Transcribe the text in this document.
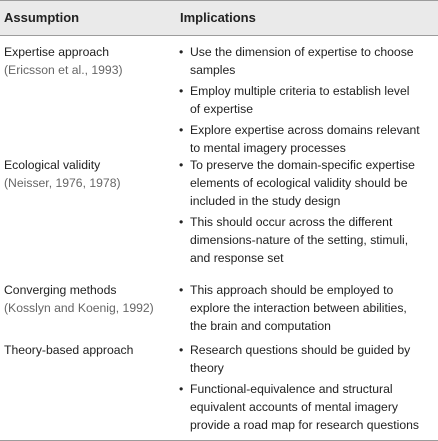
Assumption	Implications
Expertise approach
(Ericsson et al., 1993)
• Use the dimension of expertise to choose
samples
• Employ multiple criteria to establish level
of expertise
• Explore expertise across domains relevant
to mental imagery processes
Ecological validity
(Neisser, 1976, 1978)
• To preserve the domain-specific expertise
elements of ecological validity should be
included in the study design
• This should occur across the different
dimensions-nature of the setting, stimuli,
and response set
Converging methods
(Kosslyn and Koenig, 1992)
• This approach should be employed to
explore the interaction between abilities,
the brain and computation
Theory-based approach	• Research questions should be guided by
theory
• Functional-equivalence and structural
equivalent accounts of mental imagery
provide a road map for research questions
